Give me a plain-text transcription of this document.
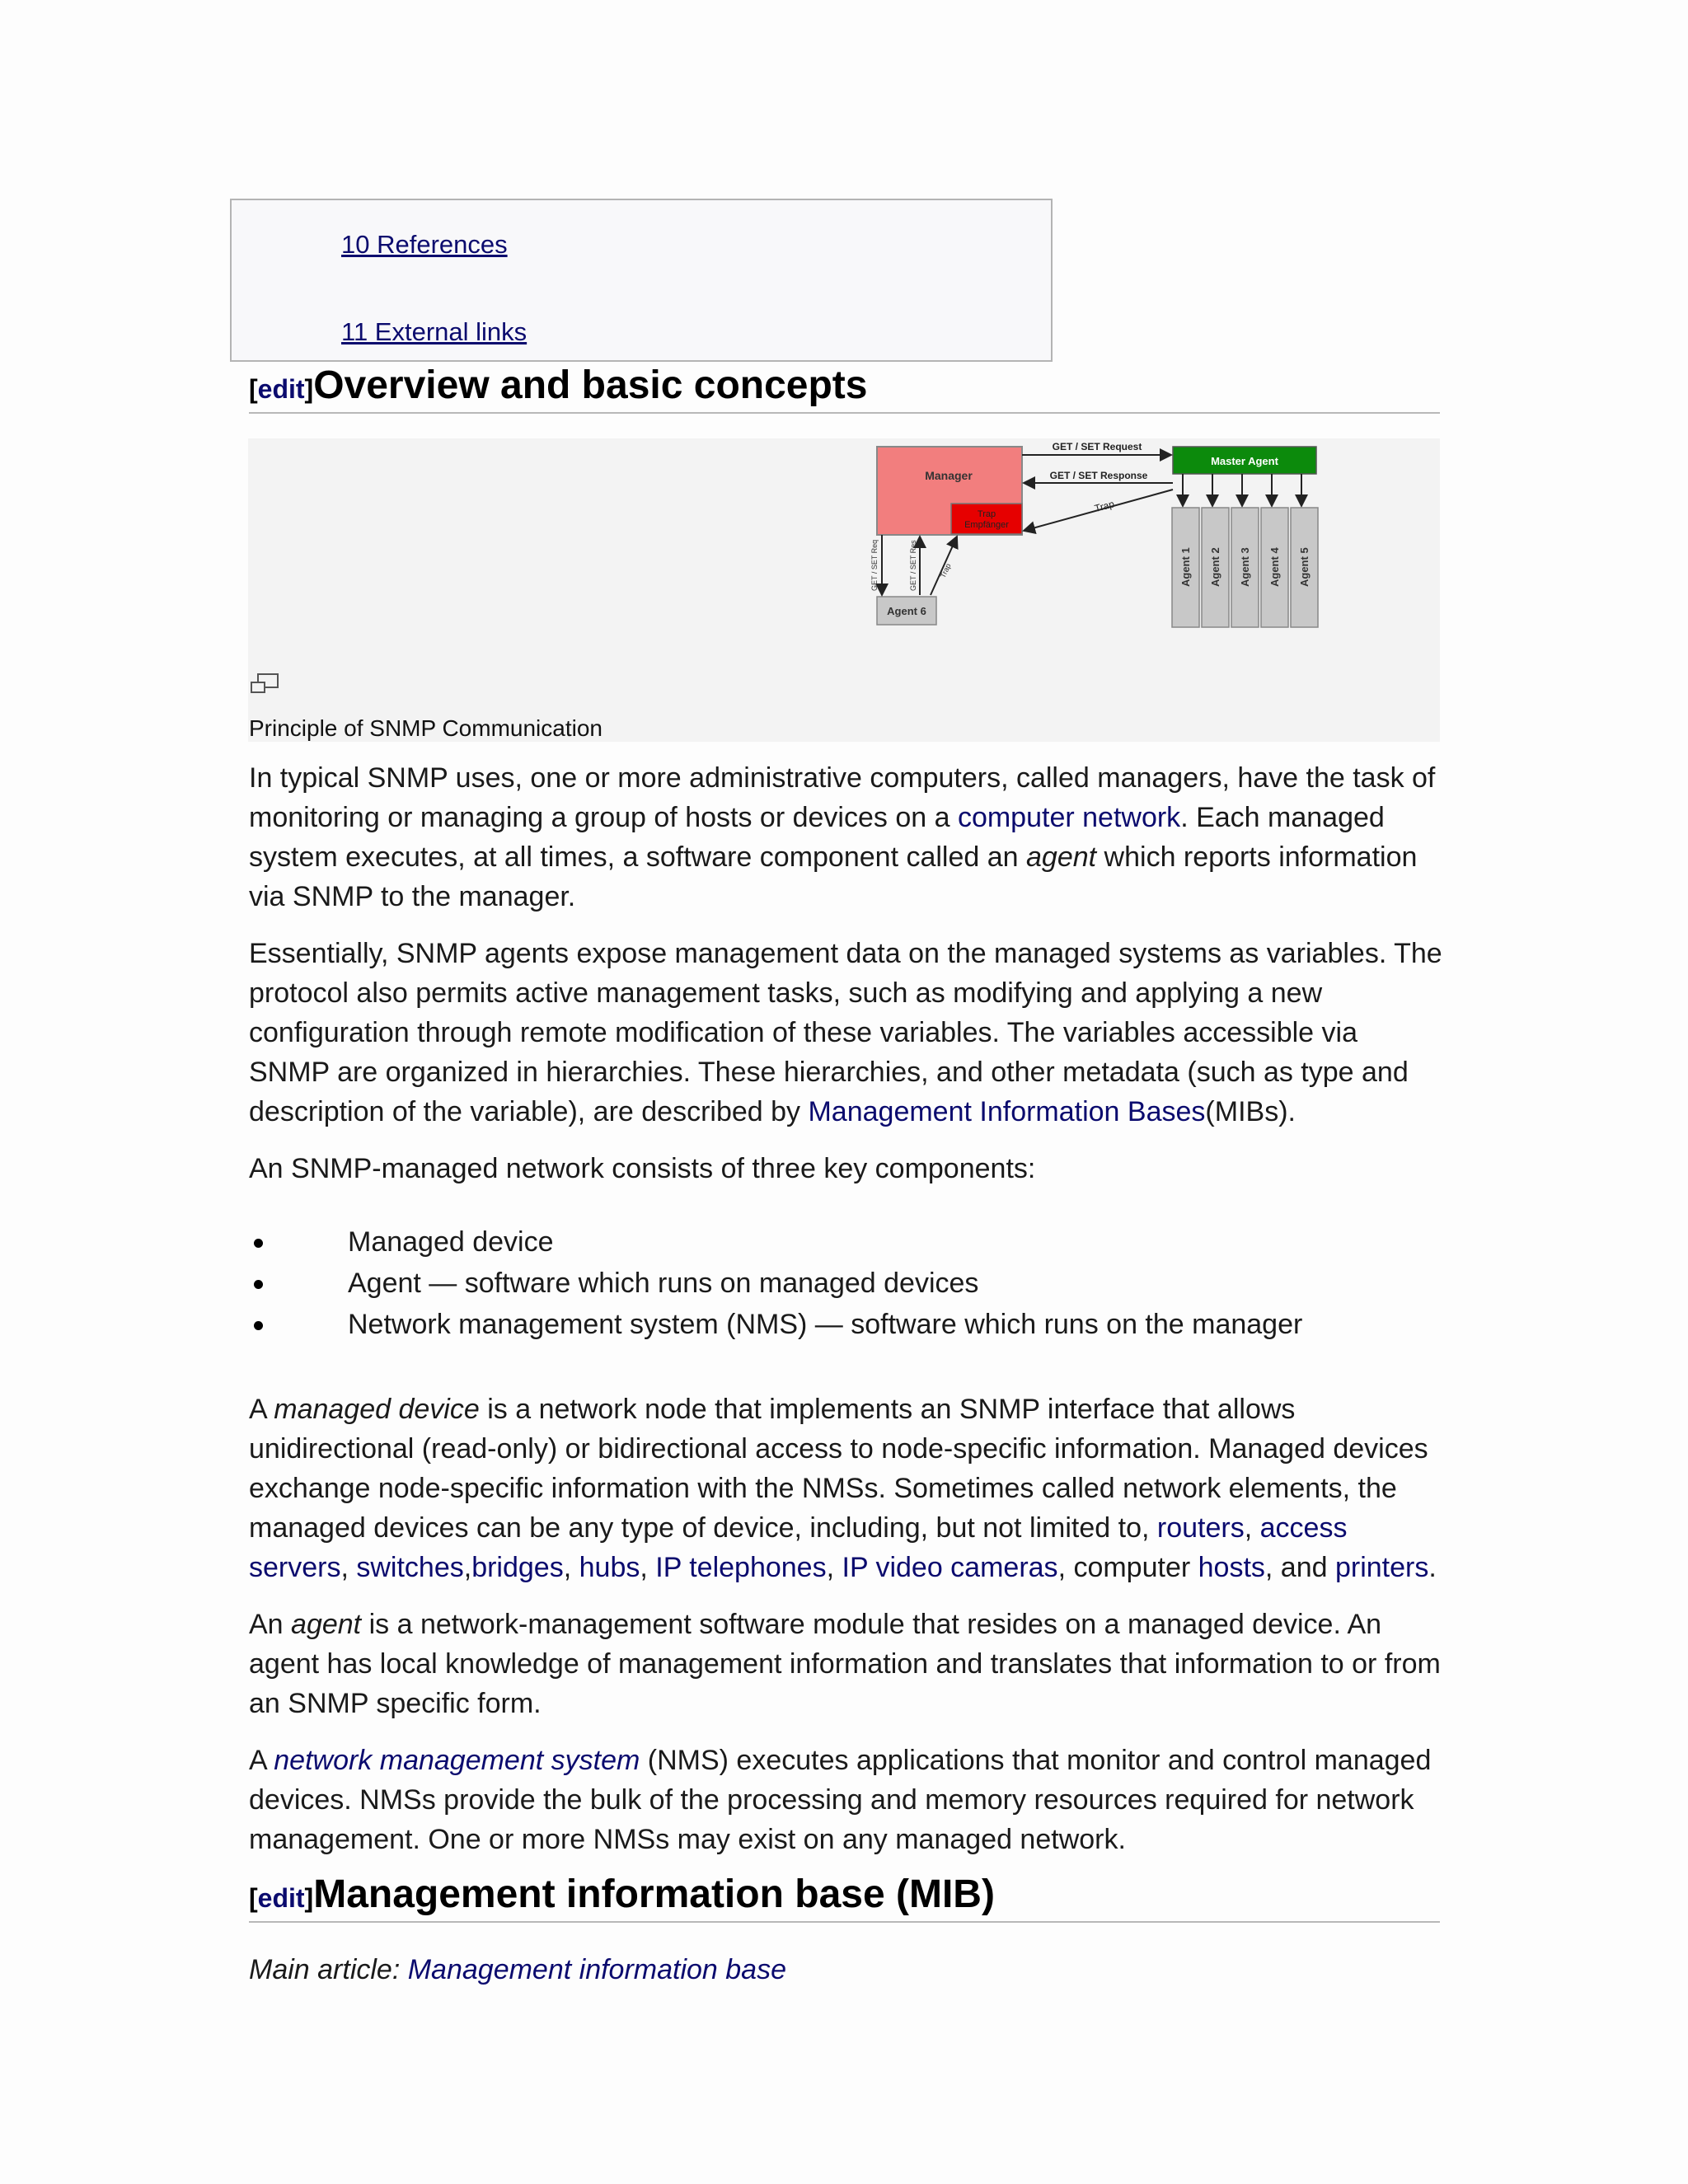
10 References
11 External links
[edit]Overview and basic concepts
Manager
Trap
Empfänger
Master Agent
GET / SET Request
GET / SET Response
Trap
Agent 1 Agent 2 Agent 3 Agent 4 Agent 5
Agent 6
GET / SET Req	GET / SET Res	Trap
Principle of SNMP Communication
In typical SNMP uses, one or more administrative computers, called managers, have the task of monitoring or managing a group of hosts or devices on a computer network. Each managed system executes, at all times, a software component called an agent which reports information via SNMP to the manager.
Essentially, SNMP agents expose management data on the managed systems as variables. The protocol also permits active management tasks, such as modifying and applying a new configuration through remote modification of these variables. The variables accessible via SNMP are organized in hierarchies. These hierarchies, and other metadata (such as type and description of the variable), are described by Management Information Bases(MIBs).
An SNMP-managed network consists of three key components:
Managed device
Agent — software which runs on managed devices
Network management system (NMS) — software which runs on the manager
A managed device is a network node that implements an SNMP interface that allows unidirectional (read-only) or bidirectional access to node-specific information. Managed devices exchange node-specific information with the NMSs. Sometimes called network elements, the managed devices can be any type of device, including, but not limited to, routers, access servers, switches,bridges, hubs, IP telephones, IP video cameras, computer hosts, and printers.
An agent is a network-management software module that resides on a managed device. An agent has local knowledge of management information and translates that information to or from an SNMP specific form.
A network management system (NMS) executes applications that monitor and control managed devices. NMSs provide the bulk of the processing and memory resources required for network management. One or more NMSs may exist on any managed network.
[edit]Management information base (MIB)
Main article: Management information base
